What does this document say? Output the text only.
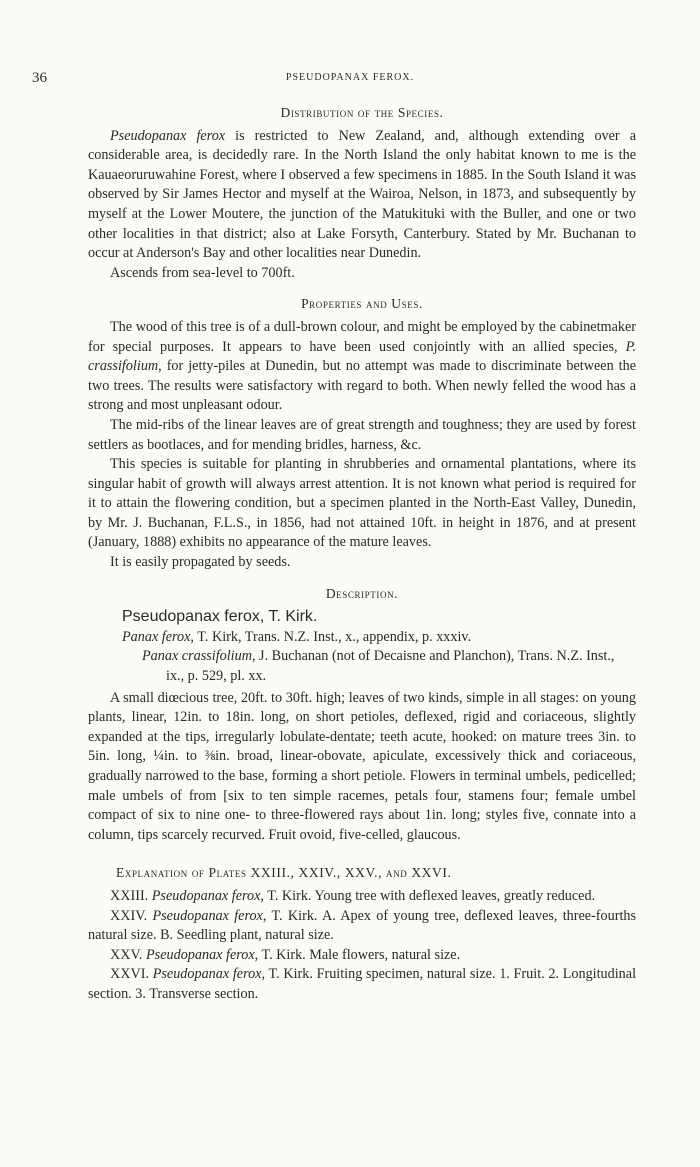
36	PSEUDOPANAX FEROX.
Distribution of the Species.

Pseudopanax ferox is restricted to New Zealand, and, although extending over a considerable area, is decidedly rare. In the North Island the only habitat known to me is the Kauaeoruruwahine Forest, where I observed a few specimens in 1885. In the South Island it was observed by Sir James Hector and myself at the Wairoa, Nelson, in 1873, and subsequently by myself at the Lower Moutere, the junction of the Matukituki with the Buller, and one or two other localities in that district; also at Lake Forsyth, Canterbury. Stated by Mr. Buchanan to occur at Anderson's Bay and other localities near Dunedin.

Ascends from sea-level to 700ft.

Properties and Uses.

The wood of this tree is of a dull-brown colour, and might be employed by the cabinetmaker for special purposes. It appears to have been used conjointly with an allied species, P. crassifolium, for jetty-piles at Dunedin, but no attempt was made to discriminate between the two trees. The results were satisfactory with regard to both. When newly felled the wood has a strong and most unpleasant odour.

The mid-ribs of the linear leaves are of great strength and toughness; they are used by forest settlers as bootlaces, and for mending bridles, harness, &c.

This species is suitable for planting in shrubberies and ornamental plantations, where its singular habit of growth will always arrest attention. It is not known what period is required for it to attain the flowering condition, but a specimen planted in the North-East Valley, Dunedin, by Mr. J. Buchanan, F.L.S., in 1856, had not attained 10ft. in height in 1876, and at present (January, 1888) exhibits no appearance of the mature leaves.

It is easily propagated by seeds.

Description.
Pseudopanax ferox, T. Kirk.

Panax ferox, T. Kirk, Trans. N.Z. Inst., x., appendix, p. xxxiv.

Panax crassifolium, J. Buchanan (not of Decaisne and Planchon), Trans. N.Z. Inst., ix., p. 529, pl. xx.

A small diœcious tree, 20ft. to 30ft. high; leaves of two kinds, simple in all stages: on young plants, linear, 12in. to 18in. long, on short petioles, deflexed, rigid and coriaceous, slightly expanded at the tips, irregularly lobulate-dentate; teeth acute, hooked: on mature trees 3in. to 5in. long, ¼in. to ⅜in. broad, linear-obovate, apiculate, excessively thick and coriaceous, gradually narrowed to the base, forming a short petiole. Flowers in terminal umbels, pedicelled; male umbels of from [six to ten simple racemes, petals four, stamens four; female umbel compact of six to nine one- to three-flowered rays about 1in. long; styles five, connate into a column, tips scarcely recurved. Fruit ovoid, five-celled, glaucous.

Explanation of Plates XXIII., XXIV., XXV., and XXVI.

XXIII. Pseudopanax ferox, T. Kirk. Young tree with deflexed leaves, greatly reduced.

XXIV. Pseudopanax ferox, T. Kirk. A. Apex of young tree, deflexed leaves, three-fourths natural size. B. Seedling plant, natural size.

XXV. Pseudopanax ferox, T. Kirk. Male flowers, natural size.

XXVI. Pseudopanax ferox, T. Kirk. Fruiting specimen, natural size. 1. Fruit. 2. Longitudinal section. 3. Transverse section.
